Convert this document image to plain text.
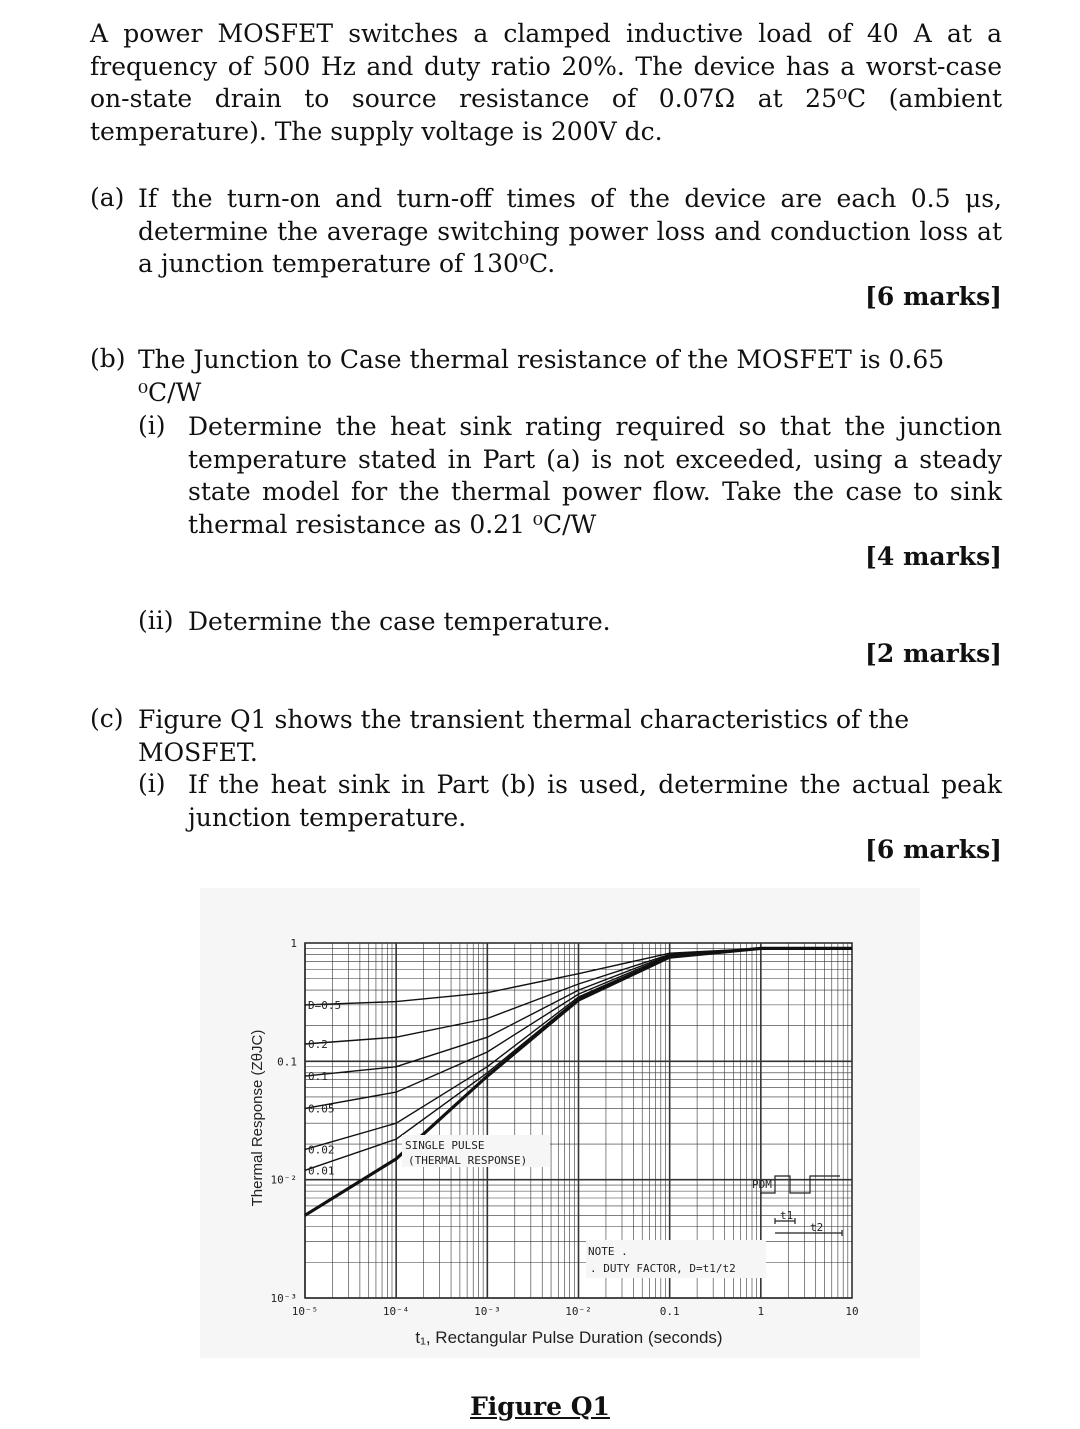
A power MOSFET switches a clamped inductive load of 40 A at a frequency of 500 Hz and duty ratio 20%. The device has a worst-case on-state drain to source resistance of 0.07Ω at 25⁰C (ambient temperature). The supply voltage is 200V dc.

(a) If the turn-on and turn-off times of the device are each 0.5 μs, determine the average switching power loss and conduction loss at a junction temperature of 130⁰C.

[6 marks]
(b) The Junction to Case thermal resistance of the MOSFET is 0.65 ⁰C/W

(i) Determine the heat sink rating required so that the junction temperature stated in Part (a) is not exceeded, using a steady state model for the thermal power flow. Take the case to sink thermal resistance as 0.21 ⁰C/W

[4 marks]
(ii) Determine the case temperature.

[2 marks]
(c) Figure Q1 shows the transient thermal characteristics of the MOSFET.

(i) If the heat sink in Part (b) is used, determine the actual peak junction temperature.

[6 marks]
D=0.5
0.2
0.1
0.05
0.02
0.01
10⁻⁵	10⁻⁴	10⁻³	10⁻²	0.1	1	10
10⁻³
10⁻²
0.1
1
Thermal Response (ZθJC)
t₁, Rectangular Pulse Duration (seconds)
SINGLE PULSE
(THERMAL RESPONSE)
NOTE .
. DUTY FACTOR, D=t1/t2
PDM
t1
t2
Figure Q1
